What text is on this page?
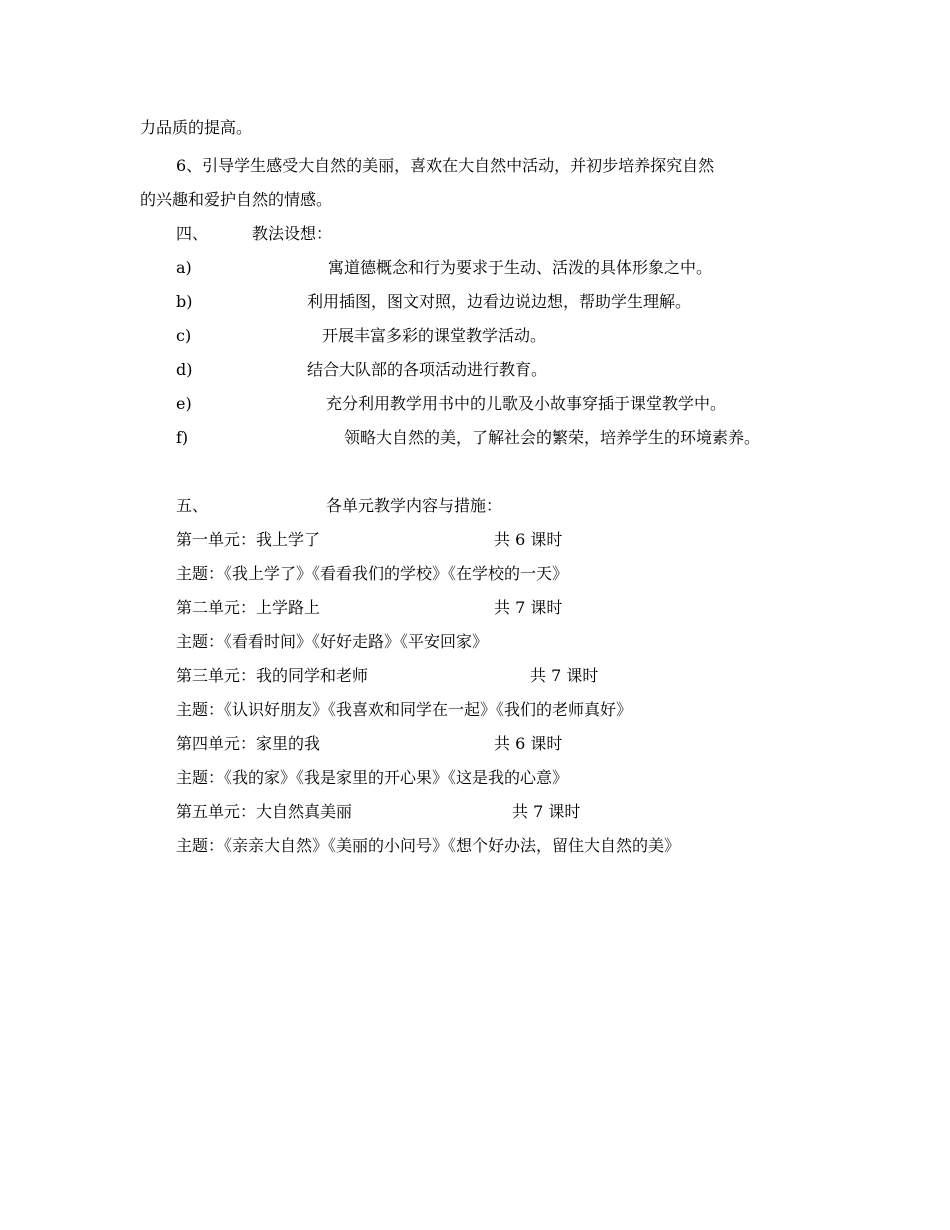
力品质的提高。
6、引导学生感受大自然的美丽，喜欢在大自然中活动，并初步培养探究自然
的兴趣和爱护自然的情感。
四、	教法设想：
a)	寓道德概念和行为要求于生动、活泼的具体形象之中。
b)	利用插图，图文对照，边看边说边想，帮助学生理解。
c)	开展丰富多彩的课堂教学活动。
d)	结合大队部的各项活动进行教育。
e)	充分利用教学用书中的儿歌及小故事穿插于课堂教学中。
f)	领略大自然的美，了解社会的繁荣，培养学生的环境素养。
五、	各单元教学内容与措施：
第一单元：我上学了	共 6 课时
主题：《我上学了》《看看我们的学校》《在学校的一天》
第二单元：上学路上	共 7 课时
主题：《看看时间》《好好走路》《平安回家》
第三单元：我的同学和老师	共 7 课时
主题：《认识好朋友》《我喜欢和同学在一起》《我们的老师真好》
第四单元：家里的我	共 6 课时
主题：《我的家》《我是家里的开心果》《这是我的心意》
第五单元：大自然真美丽	共 7 课时
主题：《亲亲大自然》《美丽的小问号》《想个好办法，留住大自然的美》
